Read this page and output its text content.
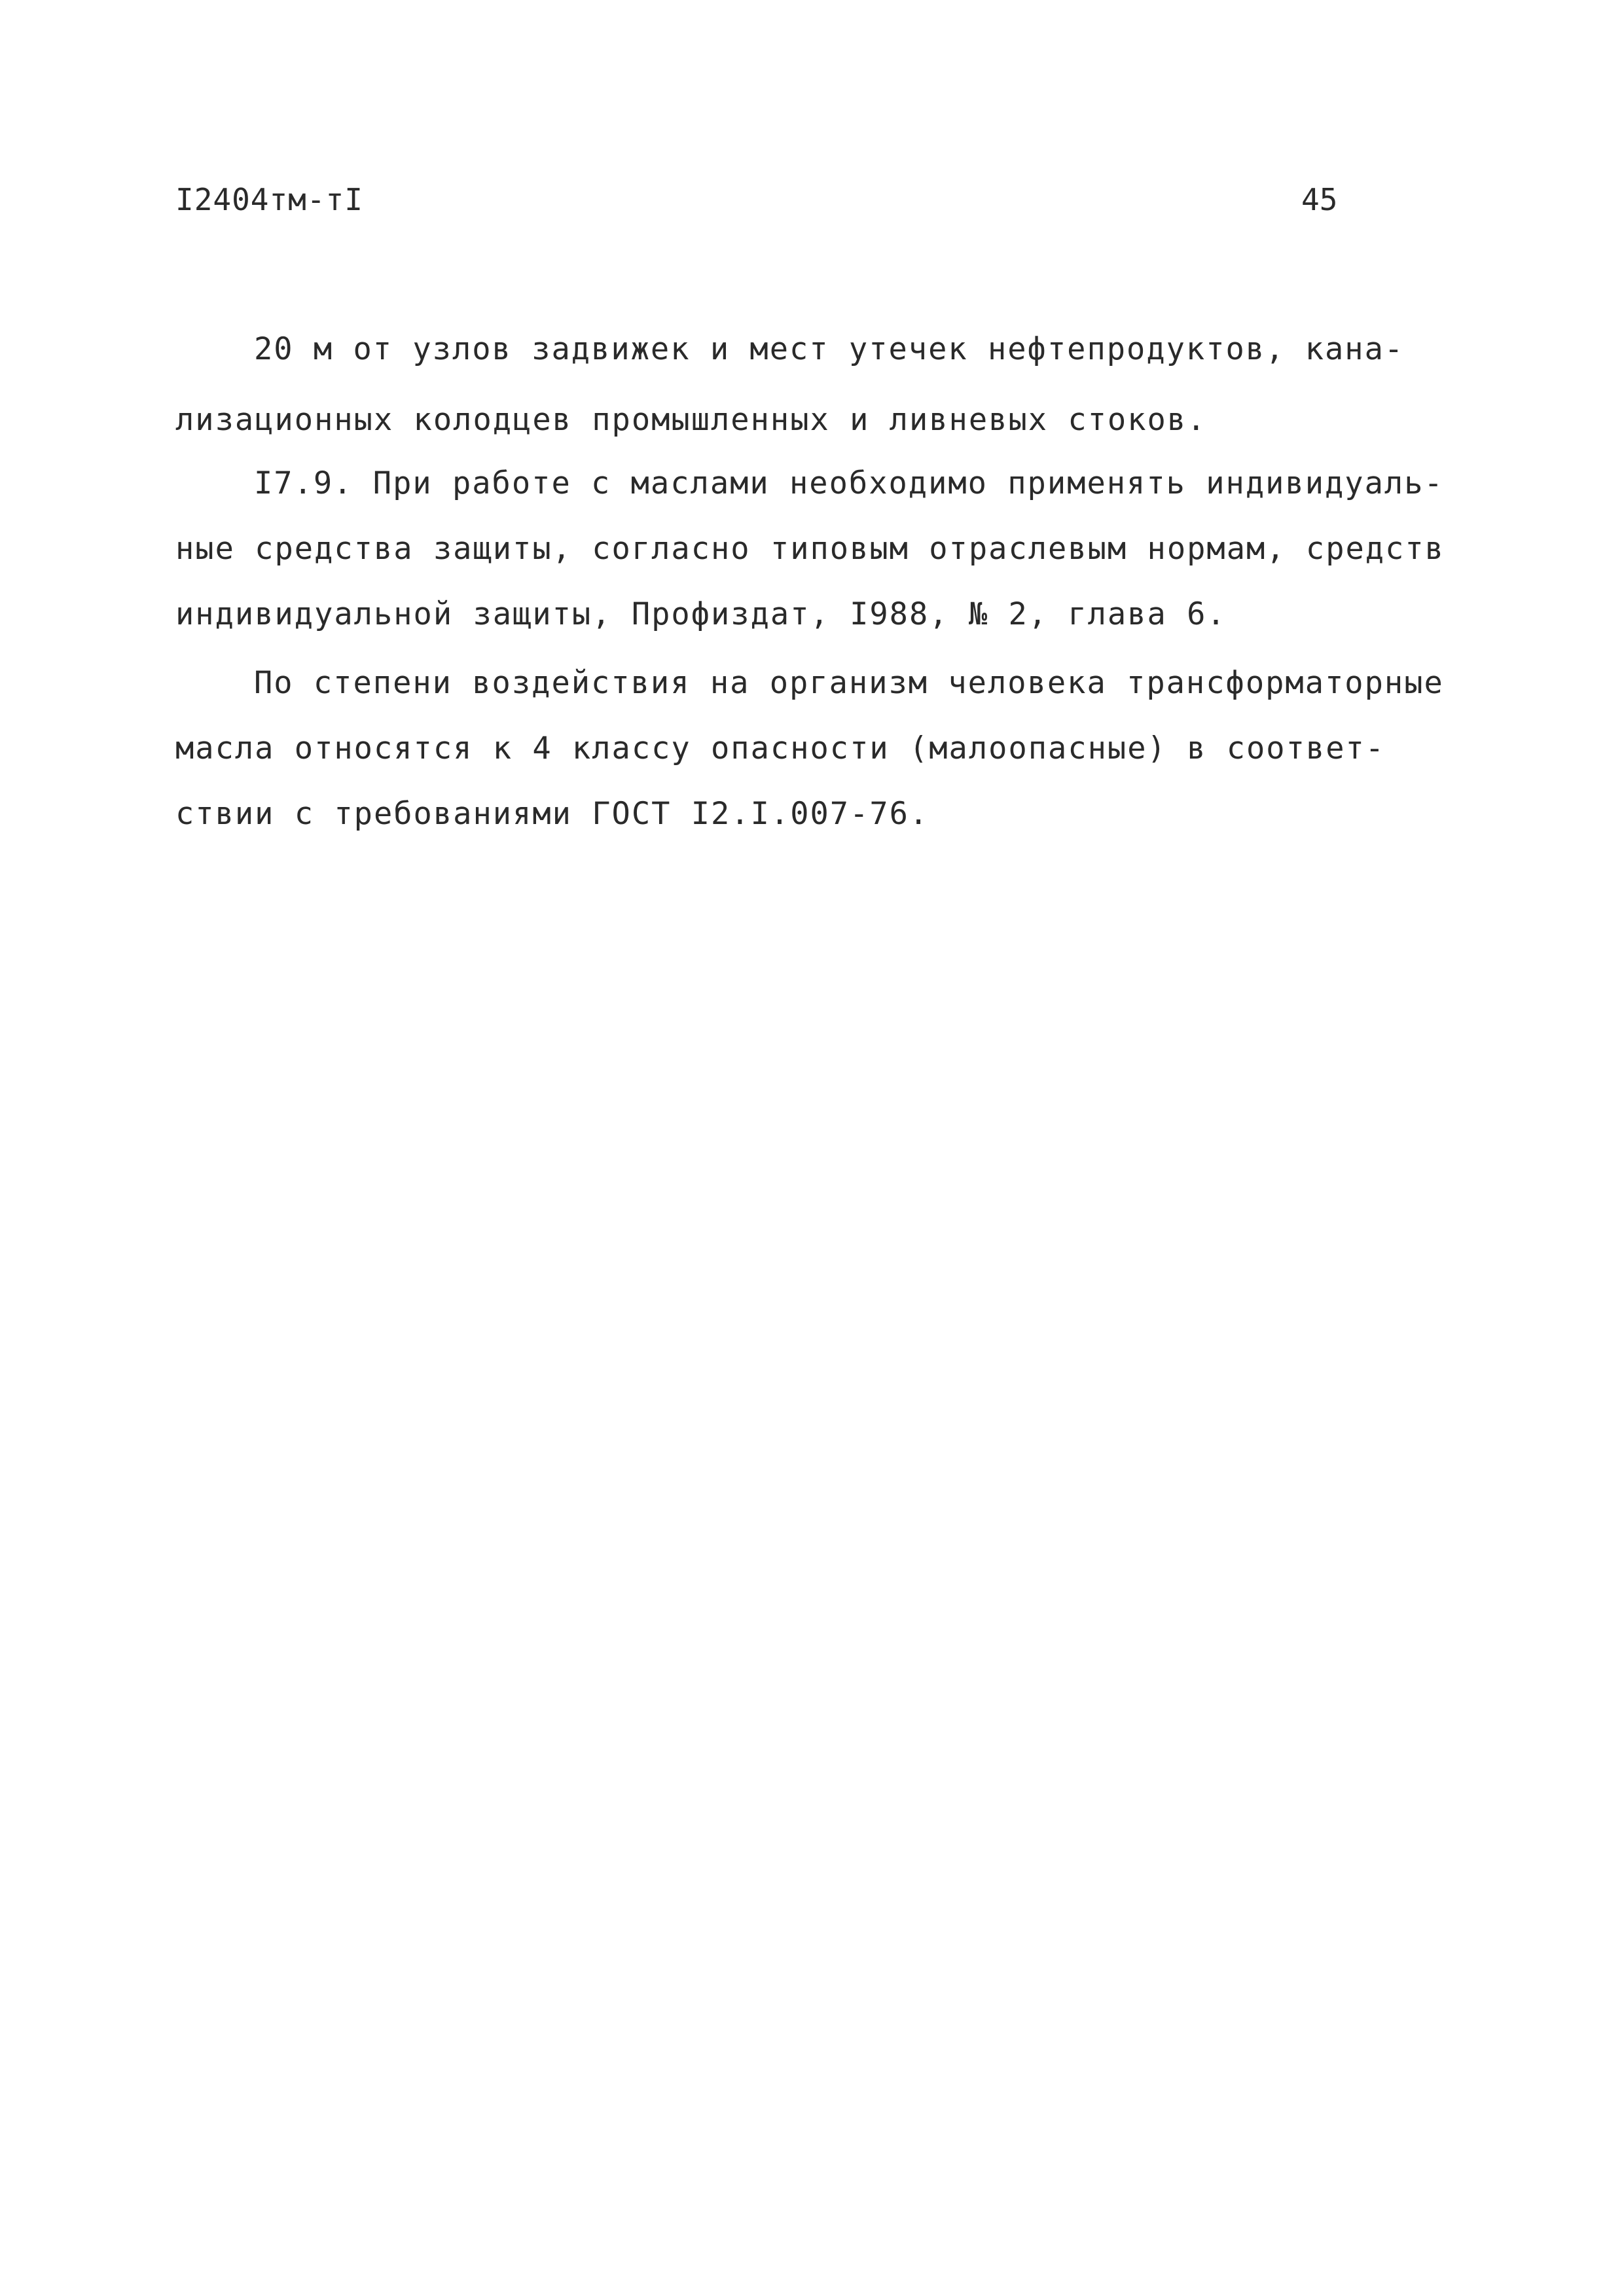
I2404тм-тI	45
20 м от узлов задвижек и мест утечек нефтепродуктов, кана-
лизационных колодцев промышленных и ливневых стоков.
I7.9. При работе с маслами необходимо применять индивидуаль-
ные средства защиты, согласно типовым отраслевым нормам, средств
индивидуальной защиты, Профиздат, I988, № 2, глава 6.
По степени воздействия на организм человека трансформаторные
масла относятся к 4 классу опасности (малоопасные) в соответ-
ствии с требованиями ГОСТ I2.I.007-76.
